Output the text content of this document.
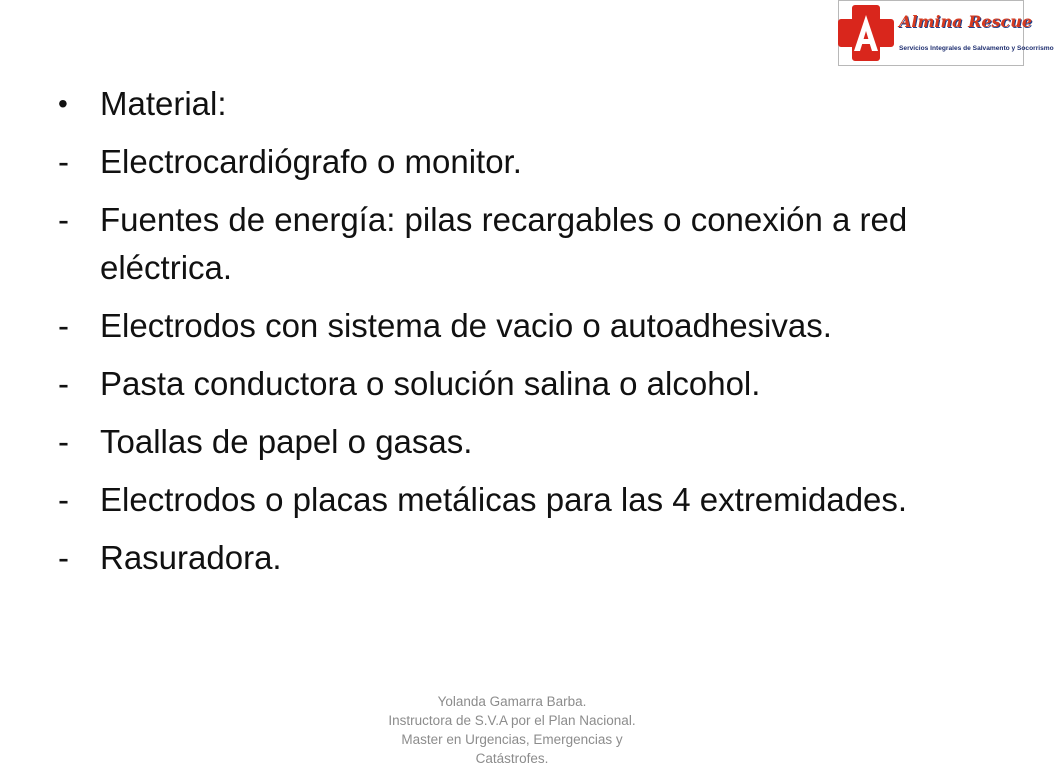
Almina Rescue
Servicios Integrales de Salvamento y Socorrismo
• Material:
- Electrocardiógrafo o monitor.
- Fuentes de energía: pilas recargables o conexión a red eléctrica.
- Electrodos con sistema de vacio o autoadhesivas.
- Pasta conductora o solución salina o alcohol.
- Toallas de papel o gasas.
- Electrodos o placas metálicas para las 4 extremidades.
- Rasuradora.
Yolanda Gamarra Barba.
Instructora de S.V.A por el Plan Nacional.
Master en Urgencias, Emergencias y
Catástrofes.
